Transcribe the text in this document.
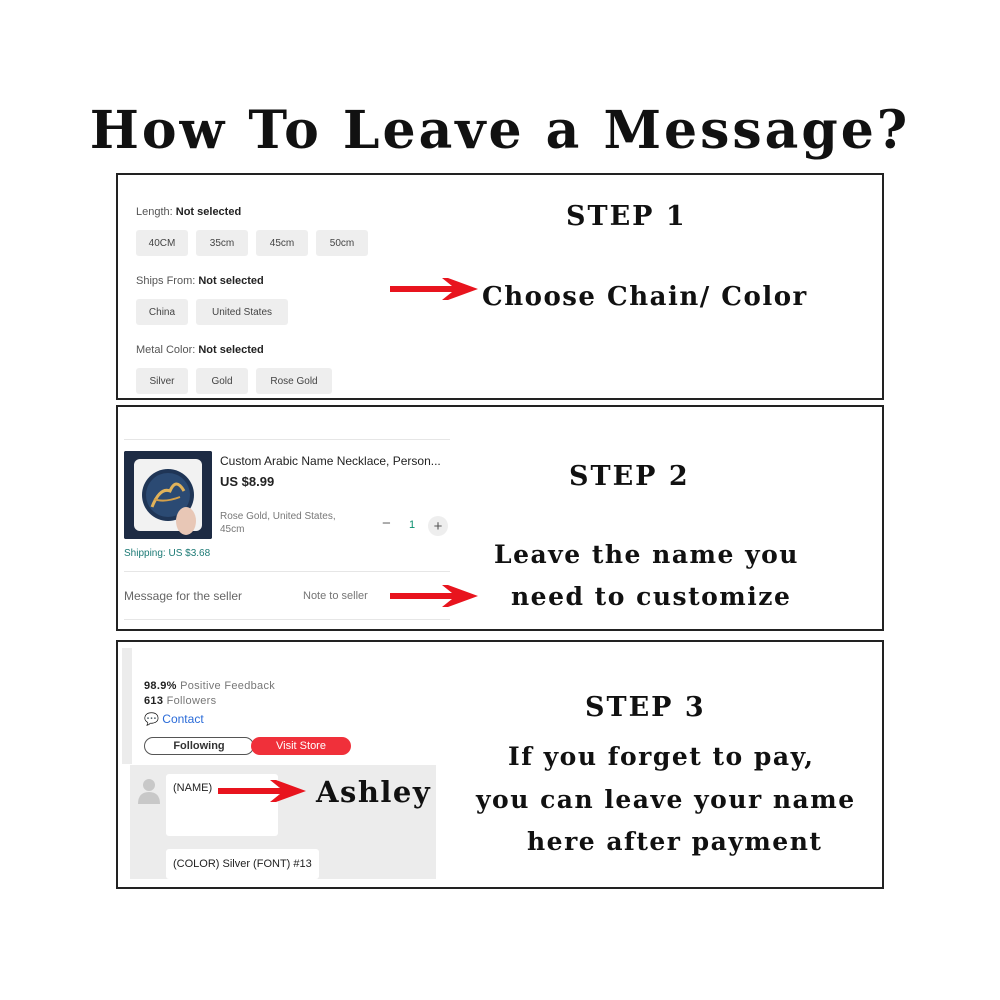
How To Leave a Message?
Length: Not selected
40CM	35cm	45cm	50cm
Ships From: Not selected
China	United States
Metal Color: Not selected
Silver	Gold	Rose Gold
STEP 1
Choose Chain/ Color
Custom Arabic Name Necklace, Person...
US $8.99
Rose Gold, United States, 45cm	− 1	+
Shipping: US $3.68
Message for the seller
Note to seller
STEP 2
Leave the name you
need to customize
98.9% Positive Feedback
613 Followers
💬 Contact
Following	Visit Store
(NAME)
(COLOR) Silver (FONT) #13
Ashley
STEP 3
If you forget to pay,
you can leave your name
here after payment
